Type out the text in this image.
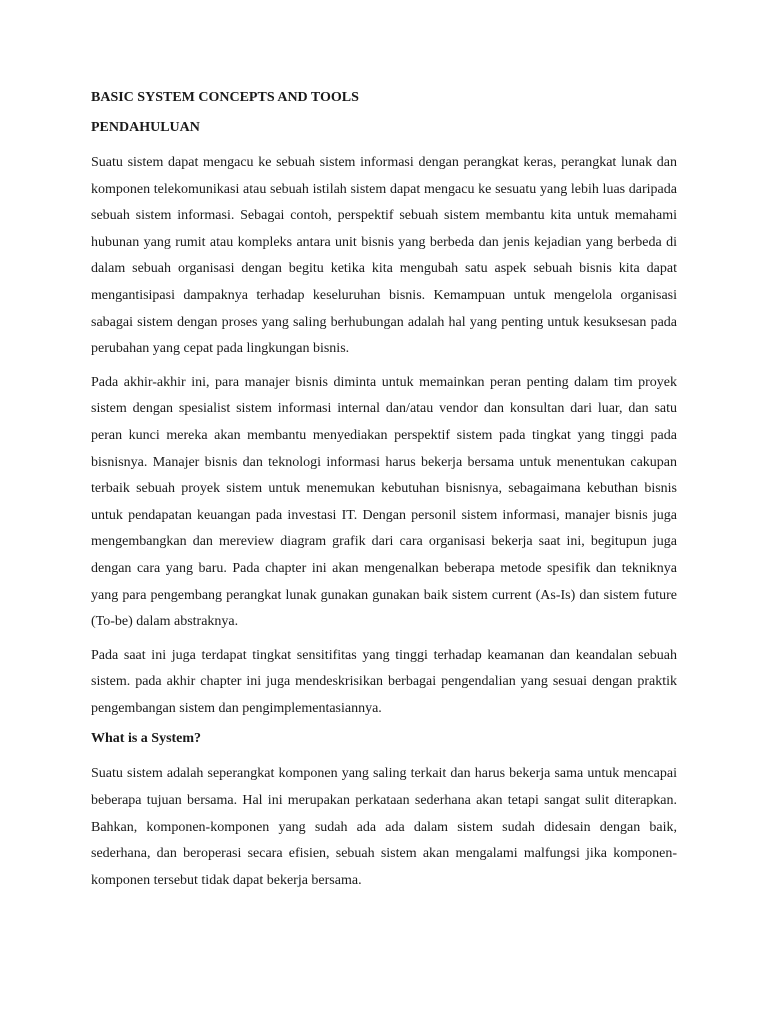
BASIC SYSTEM CONCEPTS AND TOOLS
PENDAHULUAN

Suatu sistem dapat mengacu ke sebuah sistem informasi dengan perangkat keras, perangkat lunak dan komponen telekomunikasi atau sebuah istilah sistem dapat mengacu ke sesuatu yang lebih luas daripada sebuah sistem informasi. Sebagai contoh, perspektif sebuah sistem membantu kita untuk memahami hubunan yang rumit atau kompleks antara unit bisnis yang berbeda dan jenis kejadian yang berbeda di dalam sebuah organisasi dengan begitu ketika kita mengubah satu aspek sebuah bisnis kita dapat mengantisipasi dampaknya terhadap keseluruhan bisnis. Kemampuan untuk mengelola organisasi sabagai sistem dengan proses yang saling berhubungan adalah hal yang penting untuk kesuksesan pada perubahan yang cepat pada lingkungan bisnis.

Pada akhir-akhir ini, para manajer bisnis diminta untuk memainkan peran penting dalam tim proyek sistem dengan spesialist sistem informasi internal dan/atau vendor dan konsultan dari luar, dan satu peran kunci mereka akan membantu menyediakan perspektif sistem pada tingkat yang tinggi pada bisnisnya. Manajer bisnis dan teknologi informasi harus bekerja bersama untuk menentukan cakupan terbaik sebuah proyek sistem untuk menemukan kebutuhan bisnisnya, sebagaimana kebuthan bisnis untuk pendapatan keuangan pada investasi IT. Dengan personil sistem informasi, manajer bisnis juga mengembangkan dan mereview diagram grafik dari cara organisasi bekerja saat ini, begitupun juga dengan cara yang baru. Pada chapter ini akan mengenalkan beberapa metode spesifik dan tekniknya yang para pengembang perangkat lunak gunakan gunakan baik sistem current (As-Is) dan sistem future (To-be) dalam abstraknya.

Pada saat ini juga terdapat tingkat sensitifitas yang tinggi terhadap keamanan dan keandalan sebuah sistem. pada akhir chapter ini juga mendeskrisikan berbagai pengendalian yang sesuai dengan praktik pengembangan sistem dan pengimplementasiannya.

What is a System?

Suatu sistem adalah seperangkat komponen yang saling terkait dan harus bekerja sama untuk mencapai beberapa tujuan bersama. Hal ini merupakan perkataan sederhana akan tetapi sangat sulit diterapkan. Bahkan, komponen-komponen yang sudah ada ada dalam sistem sudah didesain dengan baik, sederhana, dan beroperasi secara efisien, sebuah sistem akan mengalami malfungsi jika komponen-komponen tersebut tidak dapat bekerja bersama.
